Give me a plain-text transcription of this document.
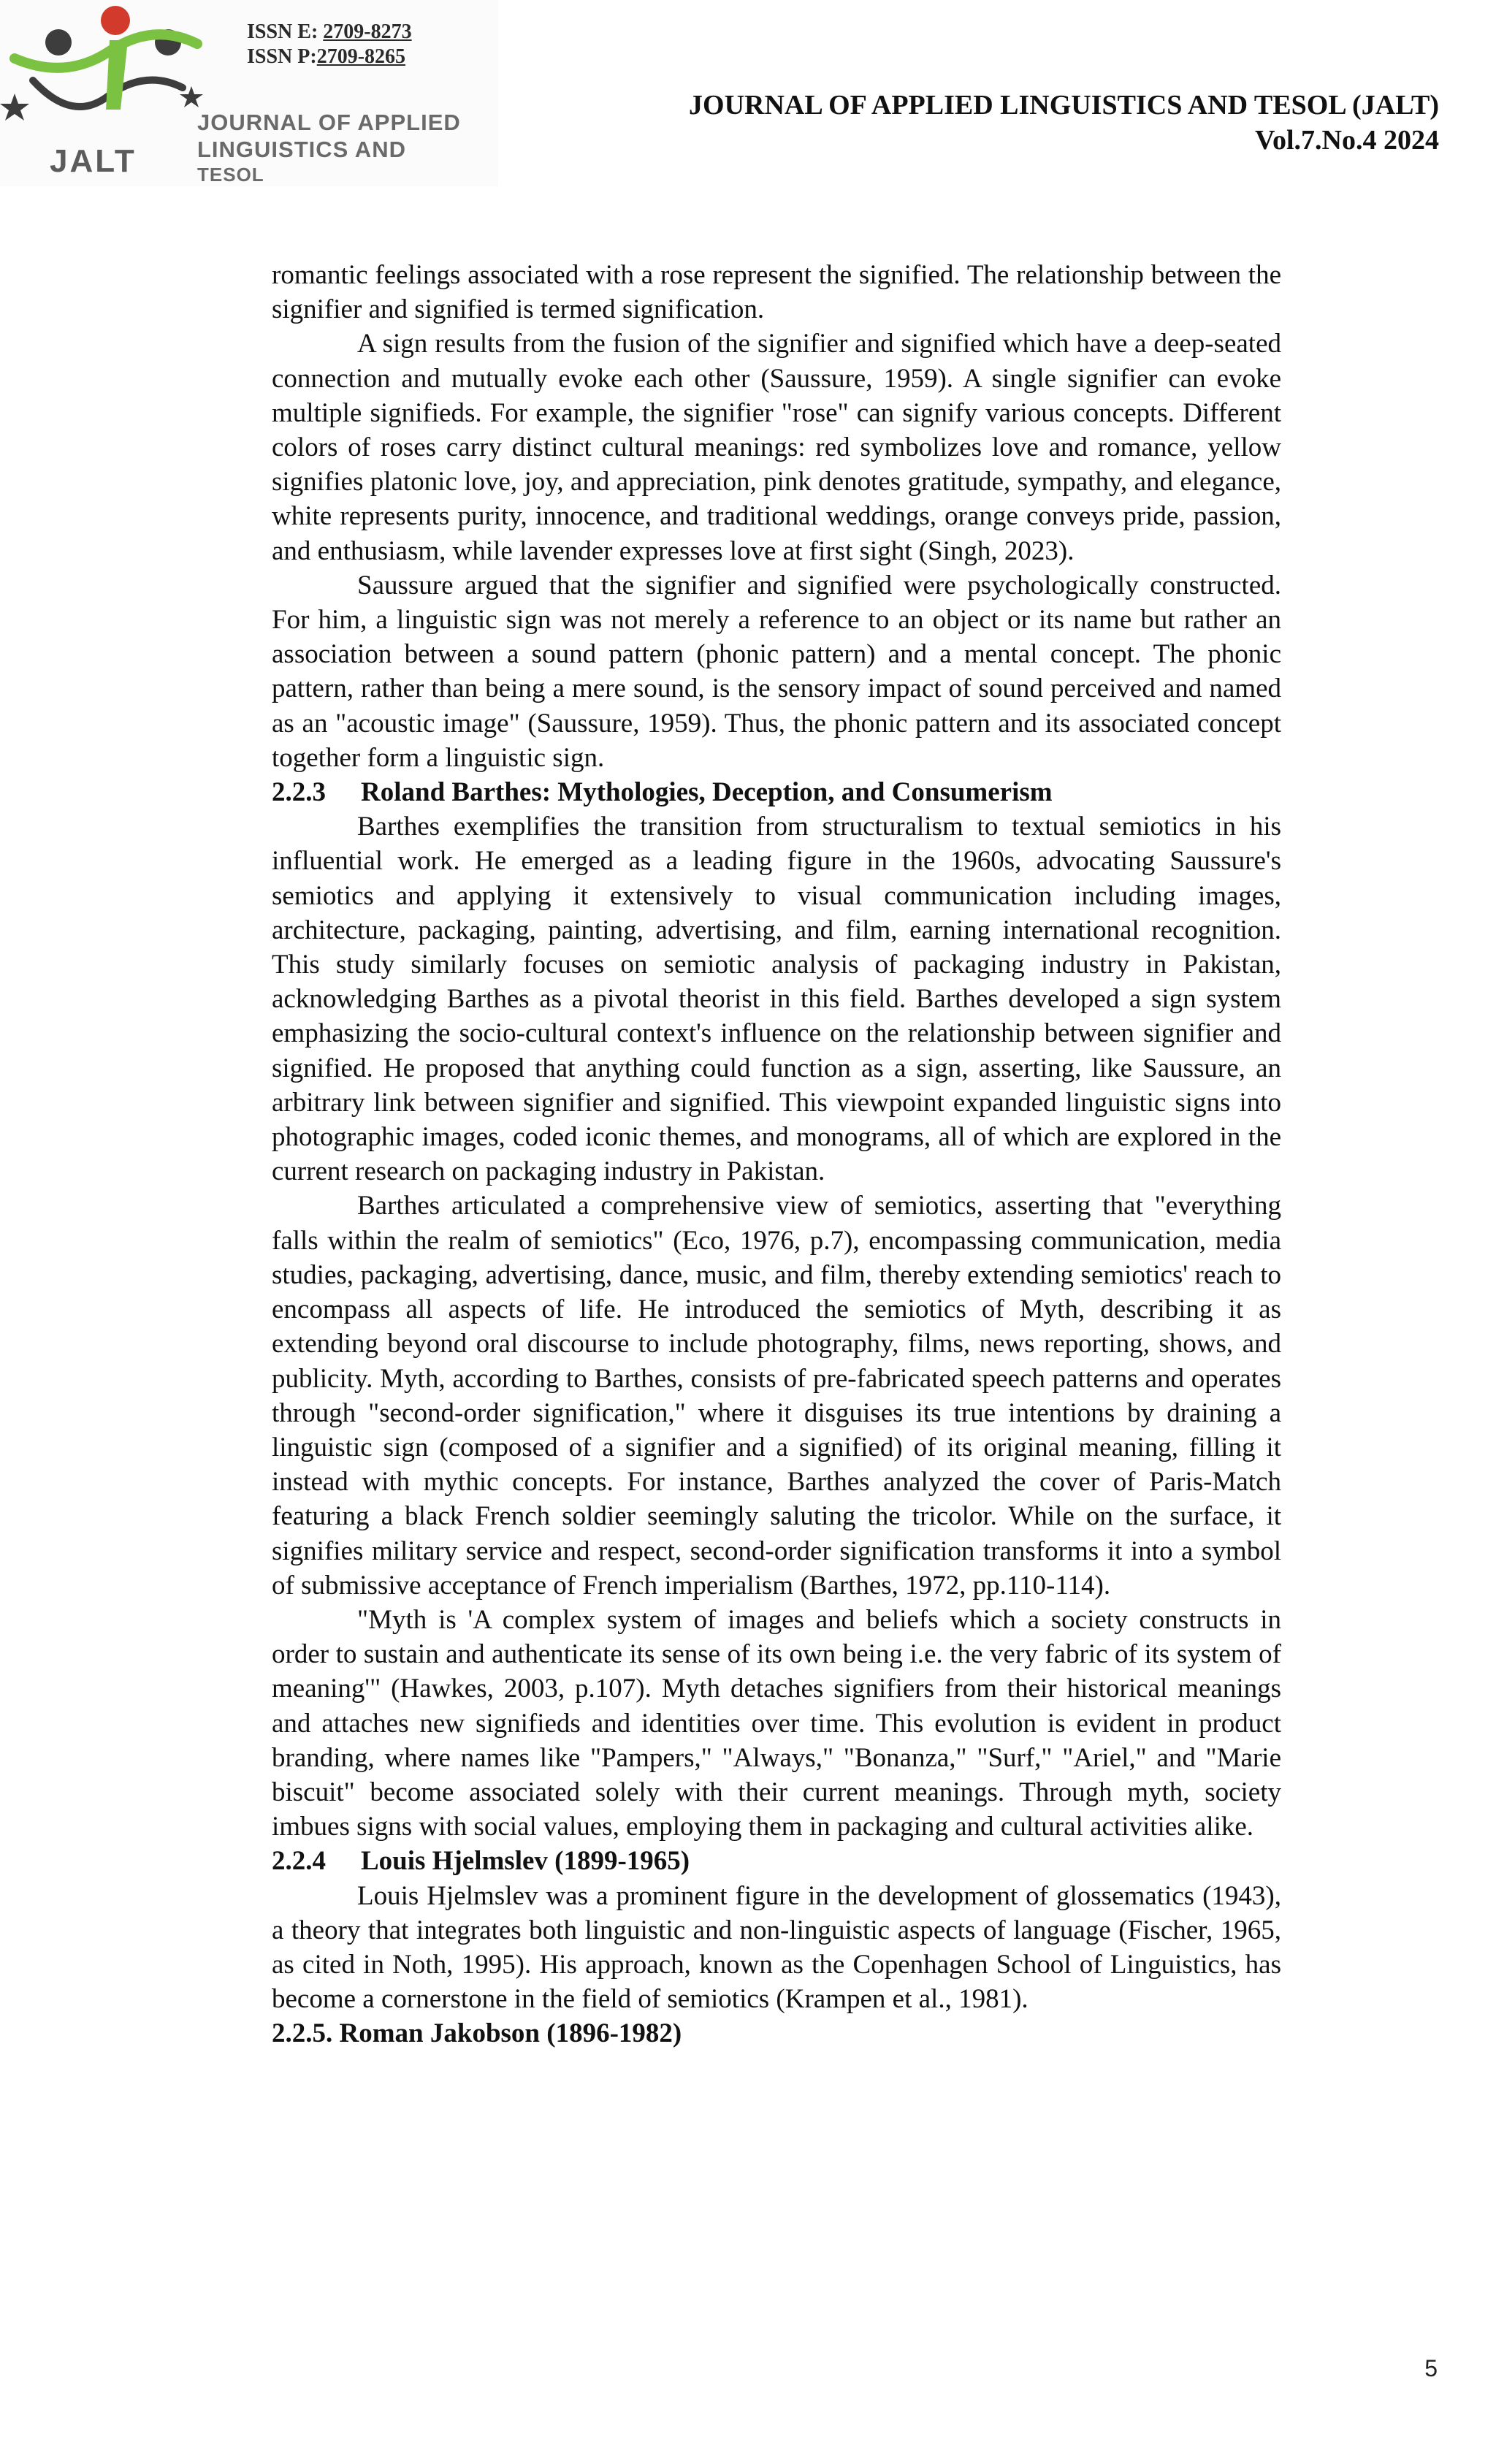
JALT
ISSN E: 2709-8273
ISSN P:2709-8265
JOURNAL OF APPLIED
LINGUISTICS AND
TESOL
JOURNAL OF APPLIED LINGUISTICS AND TESOL (JALT)
Vol.7.No.4 2024

romantic feelings associated with a rose represent the signified. The relationship between the signifier and signified is termed signification.

A sign results from the fusion of the signifier and signified which have a deep-seated connection and mutually evoke each other (Saussure, 1959). A single signifier can evoke multiple signifieds. For example, the signifier "rose" can signify various concepts. Different colors of roses carry distinct cultural meanings: red symbolizes love and romance, yellow signifies platonic love, joy, and appreciation, pink denotes gratitude, sympathy, and elegance, white represents purity, innocence, and traditional weddings, orange conveys pride, passion, and enthusiasm, while lavender expresses love at first sight (Singh, 2023).

Saussure argued that the signifier and signified were psychologically constructed. For him, a linguistic sign was not merely a reference to an object or its name but rather an association between a sound pattern (phonic pattern) and a mental concept. The phonic pattern, rather than being a mere sound, is the sensory impact of sound perceived and named as an "acoustic image" (Saussure, 1959). Thus, the phonic pattern and its associated concept together form a linguistic sign.

2.2.3 Roland Barthes: Mythologies, Deception, and Consumerism

Barthes exemplifies the transition from structuralism to textual semiotics in his influential work. He emerged as a leading figure in the 1960s, advocating Saussure's semiotics and applying it extensively to visual communication including images, architecture, packaging, painting, advertising, and film, earning international recognition. This study similarly focuses on semiotic analysis of packaging industry in Pakistan, acknowledging Barthes as a pivotal theorist in this field. Barthes developed a sign system emphasizing the socio-cultural context's influence on the relationship between signifier and signified. He proposed that anything could function as a sign, asserting, like Saussure, an arbitrary link between signifier and signified. This viewpoint expanded linguistic signs into photographic images, coded iconic themes, and monograms, all of which are explored in the current research on packaging industry in Pakistan.

Barthes articulated a comprehensive view of semiotics, asserting that "everything falls within the realm of semiotics" (Eco, 1976, p.7), encompassing communication, media studies, packaging, advertising, dance, music, and film, thereby extending semiotics' reach to encompass all aspects of life. He introduced the semiotics of Myth, describing it as extending beyond oral discourse to include photography, films, news reporting, shows, and publicity. Myth, according to Barthes, consists of pre-fabricated speech patterns and operates through "second-order signification," where it disguises its true intentions by draining a linguistic sign (composed of a signifier and a signified) of its original meaning, filling it instead with mythic concepts. For instance, Barthes analyzed the cover of Paris-Match featuring a black French soldier seemingly saluting the tricolor. While on the surface, it signifies military service and respect, second-order signification transforms it into a symbol of submissive acceptance of French imperialism (Barthes, 1972, pp.110-114).

"Myth is 'A complex system of images and beliefs which a society constructs in order to sustain and authenticate its sense of its own being i.e. the very fabric of its system of meaning'" (Hawkes, 2003, p.107). Myth detaches signifiers from their historical meanings and attaches new signifieds and identities over time. This evolution is evident in product branding, where names like "Pampers," "Always," "Bonanza," "Surf," "Ariel," and "Marie biscuit" become associated solely with their current meanings. Through myth, society imbues signs with social values, employing them in packaging and cultural activities alike.

2.2.4 Louis Hjelmslev (1899-1965)

Louis Hjelmslev was a prominent figure in the development of glossematics (1943), a theory that integrates both linguistic and non-linguistic aspects of language (Fischer, 1965, as cited in Noth, 1995). His approach, known as the Copenhagen School of Linguistics, has become a cornerstone in the field of semiotics (Krampen et al., 1981).

2.2.5. Roman Jakobson (1896-1982)

5
